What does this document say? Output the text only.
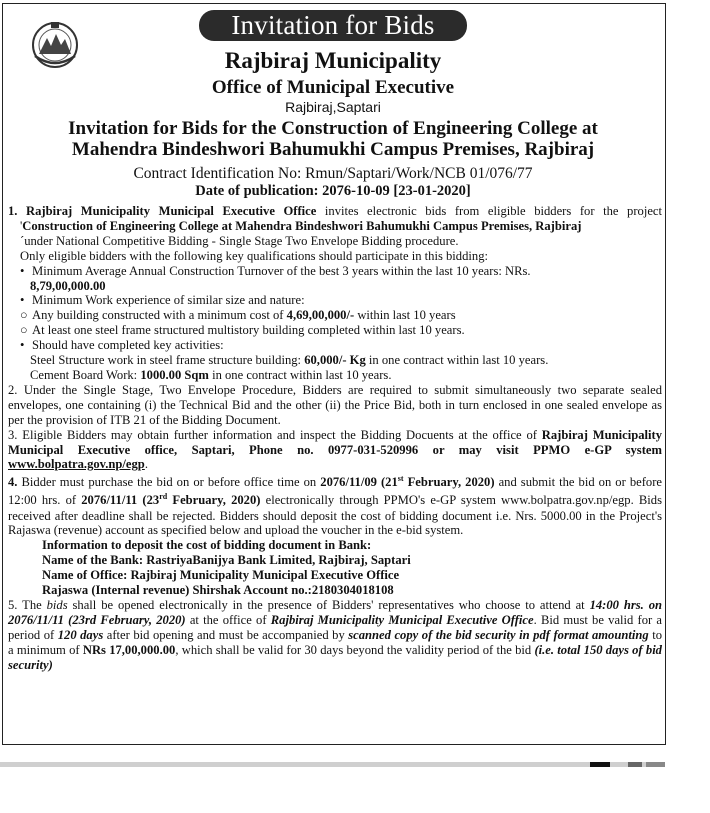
Invitation for Bids
Rajbiraj Municipality
Office of Municipal Executive
Rajbiraj,Saptari
Invitation for Bids for the Construction of Engineering College at
Mahendra Bindeshwori Bahumukhi Campus Premises, Rajbiraj
Contract Identification No: Rmun/Saptari/Work/NCB 01/076/77
Date of publication: 2076-10-09 [23-01-2020]

1. Rajbiraj Municipality Municipal Executive Office invites electronic bids from eligible bidders for the project 'Construction of Engineering College at Mahendra Bindeshwori Bahumukhi Campus Premises, Rajbiraj

´under National Competitive Bidding - Single Stage Two Envelope Bidding procedure.
Only eligible bidders with the following key qualifications should participate in this bidding:
• Minimum Average Annual Construction Turnover of the best 3 years within the last 10 years: NRs.
8,79,00,000.00
• Minimum Work experience of similar size and nature:
○ Any building constructed with a minimum cost of 4,69,00,000/- within last 10 years
○ At least one steel frame structured multistory building completed within last 10 years.
• Should have completed key activities:
Steel Structure work in steel frame structure building: 60,000/- Kg in one contract within last 10 years.
Cement Board Work: 1000.00 Sqm in one contract within last 10 years.

2. Under the Single Stage, Two Envelope Procedure, Bidders are required to submit simultaneously two separate sealed envelopes, one containing (i) the Technical Bid and the other (ii) the Price Bid, both in turn enclosed in one sealed envelope as per the provision of ITB 21 of the Bidding Document.

3. Eligible Bidders may obtain further information and inspect the Bidding Docuents at the office of Rajbiraj Municipality Municipal Executive office, Saptari, Phone no. 0977-031-520996 or may visit PPMO e-GP system www.bolpatra.gov.np/egp.

4. Bidder must purchase the bid on or before office time on 2076/11/09 (21st February, 2020) and submit the bid on or before 12:00 hrs. of 2076/11/11 (23rd February, 2020) electronically through PPMO's e-GP system www.bolpatra.gov.np/egp. Bids received after deadline shall be rejected. Bidders should deposit the cost of bidding document i.e. Nrs. 5000.00 in the Project's Rajaswa (revenue) account as specified below and upload the voucher in the e-bid system.

Information to deposit the cost of bidding document in Bank:
Name of the Bank: RastriyaBanijya Bank Limited, Rajbiraj, Saptari
Name of Office: Rajbiraj Municipality Municipal Executive Office
Rajaswa (Internal revenue) Shirshak Account no.:2180304018108

5. The bids shall be opened electronically in the presence of Bidders' representatives who choose to attend at 14:00 hrs. on 2076/11/11 (23rd February, 2020) at the office of Rajbiraj Municipality Municipal Executive Office. Bid must be valid for a period of 120 days after bid opening and must be accompanied by scanned copy of the bid security in pdf format amounting to a minimum of NRs 17,00,000.00, which shall be valid for 30 days beyond the validity period of the bid (i.e. total 150 days of bid security)
